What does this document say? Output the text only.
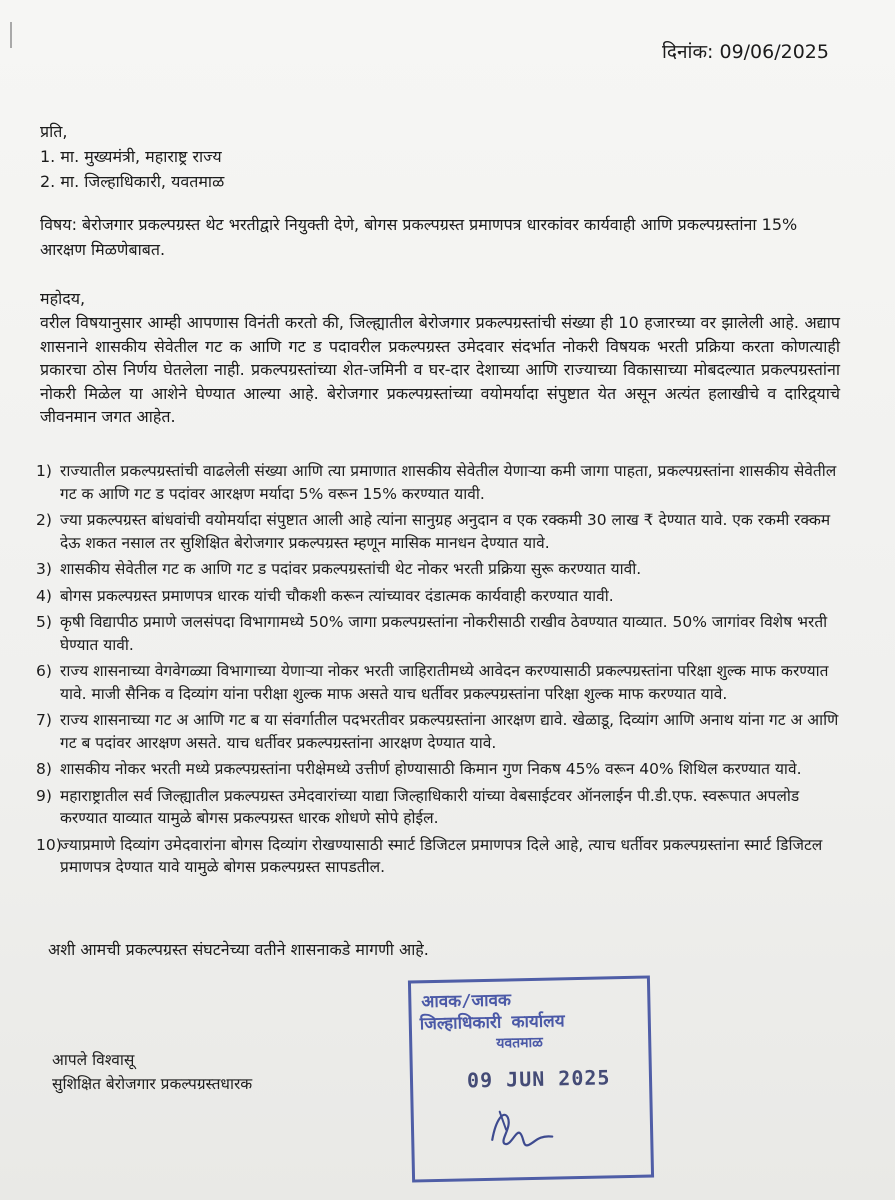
दिनांक: 09/06/2025
प्रति,
1. मा. मुख्यमंत्री, महाराष्ट्र राज्य
2. मा. जिल्हाधिकारी, यवतमाळ
विषय: बेरोजगार प्रकल्पग्रस्त थेट भरतीद्वारे नियुक्ती देणे, बोगस प्रकल्पग्रस्त प्रमाणपत्र धारकांवर कार्यवाही आणि प्रकल्पग्रस्तांना 15% आरक्षण मिळणेबाबत.
महोदय,
वरील विषयानुसार आम्ही आपणास विनंती करतो की, जिल्ह्यातील बेरोजगार प्रकल्पग्रस्तांची संख्या ही 10 हजारच्या वर झालेली आहे. अद्याप शासनाने शासकीय सेवेतील गट क आणि गट ड पदावरील प्रकल्पग्रस्त उमेदवार संदर्भात नोकरी विषयक भरती प्रक्रिया करता कोणत्याही प्रकारचा ठोस निर्णय घेतलेला नाही. प्रकल्पग्रस्तांच्या शेत-जमिनी व घर-दार देशाच्या आणि राज्याच्या विकासाच्या मोबदल्यात प्रकल्पग्रस्तांना नोकरी मिळेल या आशेने घेण्यात आल्या आहे. बेरोजगार प्रकल्पग्रस्तांच्या वयोमर्यादा संपुष्टात येत असून अत्यंत हलाखीचे व दारिद्र्याचे जीवनमान जगत आहेत.
1) राज्यातील प्रकल्पग्रस्तांची वाढलेली संख्या आणि त्या प्रमाणात शासकीय सेवेतील येणाऱ्या कमी जागा पाहता, प्रकल्पग्रस्तांना शासकीय सेवेतील गट क आणि गट ड पदांवर आरक्षण मर्यादा 5% वरून 15% करण्यात यावी.
2) ज्या प्रकल्पग्रस्त बांधवांची वयोमर्यादा संपुष्टात आली आहे त्यांना सानुग्रह अनुदान व एक रक्कमी 30 लाख ₹ देण्यात यावे. एक रकमी रक्कम देऊ शकत नसाल तर सुशिक्षित बेरोजगार प्रकल्पग्रस्त म्हणून मासिक मानधन देण्यात यावे.
3) शासकीय सेवेतील गट क आणि गट ड पदांवर प्रकल्पग्रस्तांची थेट नोकर भरती प्रक्रिया सुरू करण्यात यावी.
4) बोगस प्रकल्पग्रस्त प्रमाणपत्र धारक यांची चौकशी करून त्यांच्यावर दंडात्मक कार्यवाही करण्यात यावी.
5) कृषी विद्यापीठ प्रमाणे जलसंपदा विभागामध्ये 50% जागा प्रकल्पग्रस्तांना नोकरीसाठी राखीव ठेवण्यात याव्यात. 50% जागांवर विशेष भरती घेण्यात यावी.
6) राज्य शासनाच्या वेगवेगळ्या विभागाच्या येणाऱ्या नोकर भरती जाहिरातीमध्ये आवेदन करण्यासाठी प्रकल्पग्रस्तांना परिक्षा शुल्क माफ करण्यात यावे. माजी सैनिक व दिव्यांग यांना परीक्षा शुल्क माफ असते याच धर्तीवर प्रकल्पग्रस्तांना परिक्षा शुल्क माफ करण्यात यावे.
7) राज्य शासनाच्या गट अ आणि गट ब या संवर्गातील पदभरतीवर प्रकल्पग्रस्तांना आरक्षण द्यावे. खेळाडू, दिव्यांग आणि अनाथ यांना गट अ आणि गट ब पदांवर आरक्षण असते. याच धर्तीवर प्रकल्पग्रस्तांना आरक्षण देण्यात यावे.
8) शासकीय नोकर भरती मध्ये प्रकल्पग्रस्तांना परीक्षेमध्ये उत्तीर्ण होण्यासाठी किमान गुण निकष 45% वरून 40% शिथिल करण्यात यावे.
9) महाराष्ट्रातील सर्व जिल्ह्यातील प्रकल्पग्रस्त उमेदवारांच्या याद्या जिल्हाधिकारी यांच्या वेबसाईटवर ऑनलाईन पी.डी.एफ. स्वरूपात अपलोड करण्यात याव्यात यामुळे बोगस प्रकल्पग्रस्त धारक शोधणे सोपे होईल.
10)
ज्याप्रमाणे दिव्यांग उमेदवारांना बोगस दिव्यांग रोखण्यासाठी स्मार्ट डिजिटल प्रमाणपत्र दिले आहे, त्याच धर्तीवर प्रकल्पग्रस्तांना स्मार्ट डिजिटल प्रमाणपत्र देण्यात यावे यामुळे बोगस प्रकल्पग्रस्त सापडतील.
अशी आमची प्रकल्पग्रस्त संघटनेच्या वतीने शासनाकडे मागणी आहे.
आवक/जावक
जिल्हाधिकारी कार्यालय
यवतमाळ
09 JUN 2025
आपले विश्वासू
सुशिक्षित बेरोजगार प्रकल्पग्रस्तधारक
